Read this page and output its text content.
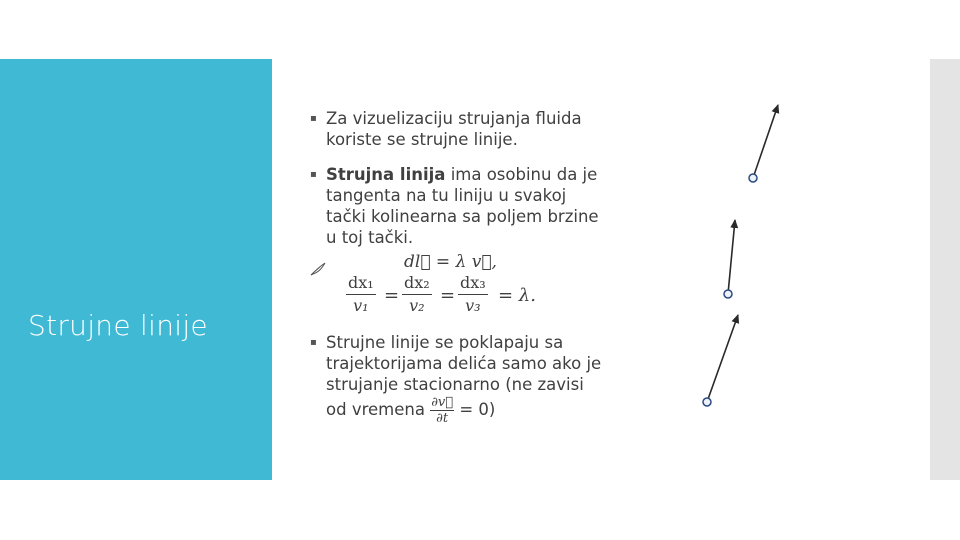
Strujne linije
▪ Za vizuelizaciju strujanja fluida koriste se strujne linije.
▪ Strujna linija ima osobinu da je tangenta na tu liniju u svakoj tački kolinearna sa poljem brzine u toj tački.
▪ Strujne linije se poklapaju sa trajektorijama delića samo ako je strujanje stacionarno (ne zavisi od vremena $\frac{\partial v⃗}{\partial t} = 0$)
dl⃗ = λ v⃗,
$\frac{\text{dx₁}}{\text{v₁}} = \frac{\text{dx₂}}{\text{v₂}} = \frac{\text{dx₃}}{\text{v₃}} = \lambda$.
